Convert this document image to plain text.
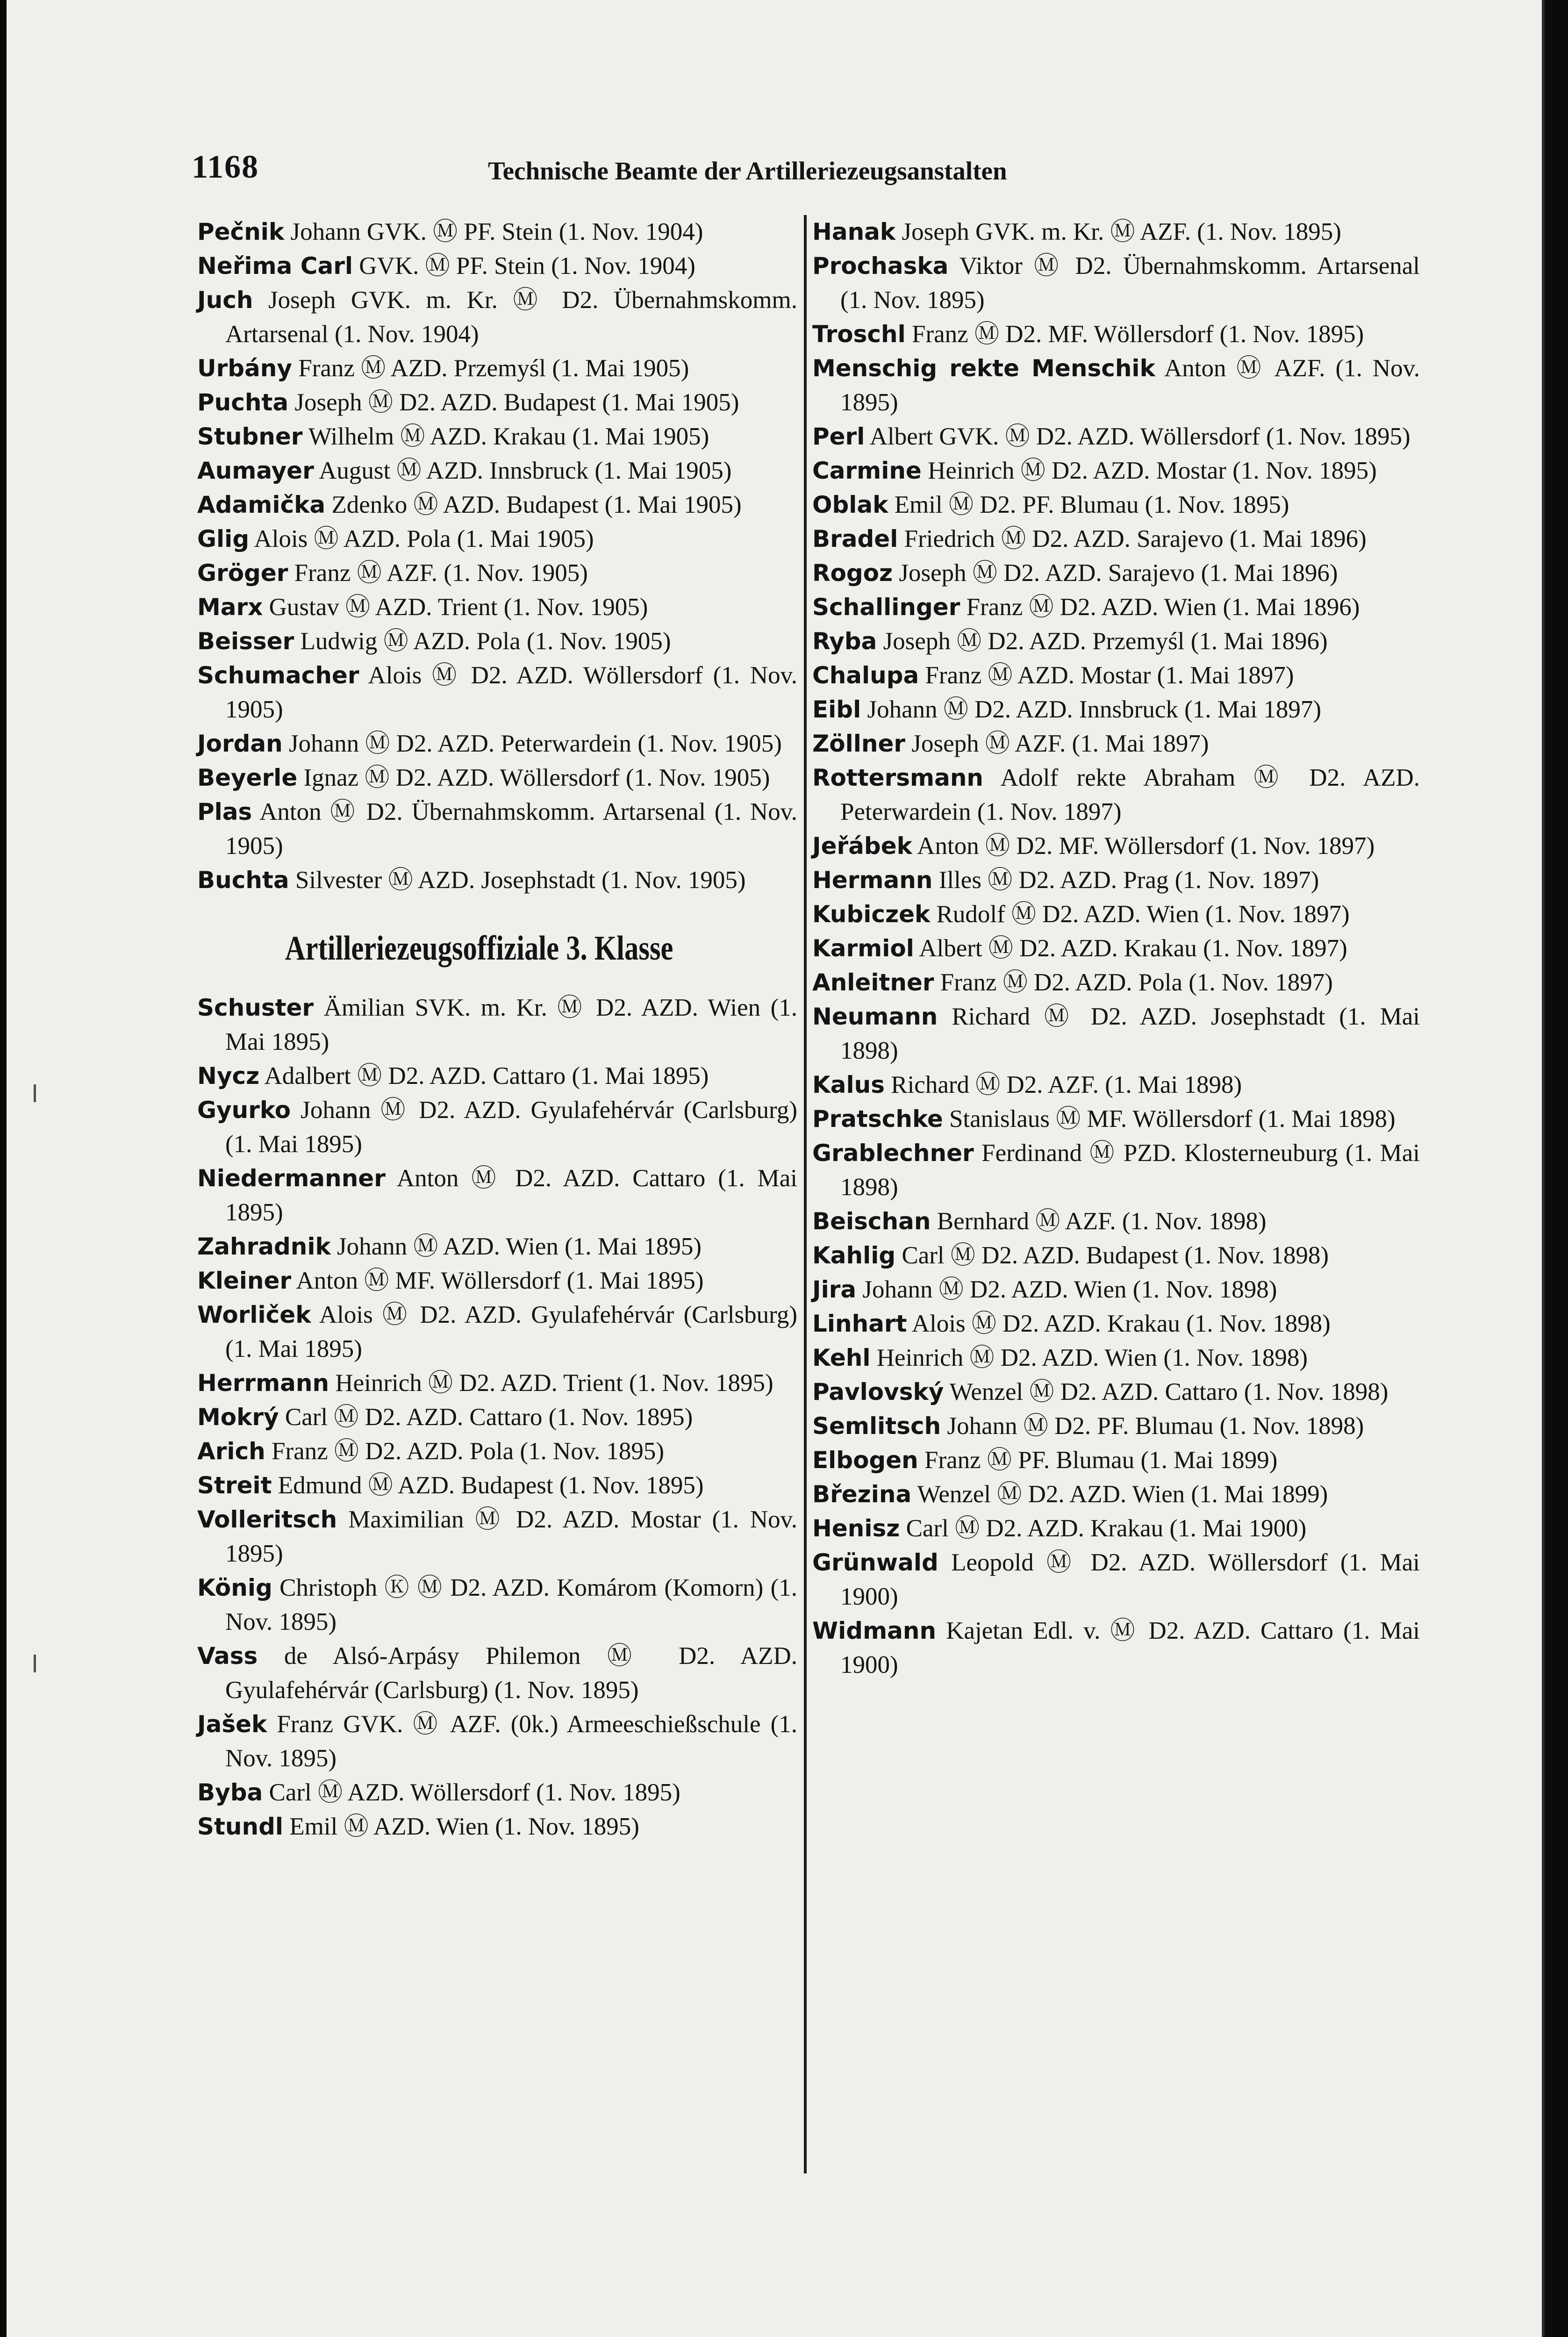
1168	Technische Beamte der Artilleriezeugsanstalten

Pečnik Johann GVK. Ⓜ PF. Stein (1. Nov. 1904)

Neřima Carl GVK. Ⓜ PF. Stein (1. Nov. 1904)

Juch Joseph GVK. m. Kr. Ⓜ D2. Übernahmskomm. Artarsenal (1. Nov. 1904)

Urbány Franz Ⓜ AZD. Przemyśl (1. Mai 1905)

Puchta Joseph Ⓜ D2. AZD. Budapest (1. Mai 1905)

Stubner Wilhelm Ⓜ AZD. Krakau (1. Mai 1905)

Aumayer August Ⓜ AZD. Innsbruck (1. Mai 1905)

Adamička Zdenko Ⓜ AZD. Budapest (1. Mai 1905)

Glig Alois Ⓜ AZD. Pola (1. Mai 1905)

Gröger Franz Ⓜ AZF. (1. Nov. 1905)

Marx Gustav Ⓜ AZD. Trient (1. Nov. 1905)

Beisser Ludwig Ⓜ AZD. Pola (1. Nov. 1905)

Schumacher Alois Ⓜ D2. AZD. Wöllersdorf (1. Nov. 1905)

Jordan Johann Ⓜ D2. AZD. Peterwardein (1. Nov. 1905)

Beyerle Ignaz Ⓜ D2. AZD. Wöllersdorf (1. Nov. 1905)

Plas Anton Ⓜ D2. Übernahmskomm. Artarsenal (1. Nov. 1905)

Buchta Silvester Ⓜ AZD. Josephstadt (1. Nov. 1905)

Artilleriezeugsoffiziale 3. Klasse

Schuster Ämilian SVK. m. Kr. Ⓜ D2. AZD. Wien (1. Mai 1895)

Nycz Adalbert Ⓜ D2. AZD. Cattaro (1. Mai 1895)

Gyurko Johann Ⓜ D2. AZD. Gyulafehérvár (Carlsburg) (1. Mai 1895)

Niedermanner Anton Ⓜ D2. AZD. Cattaro (1. Mai 1895)

Zahradnik Johann Ⓜ AZD. Wien (1. Mai 1895)

Kleiner Anton Ⓜ MF. Wöllersdorf (1. Mai 1895)

Worliček Alois Ⓜ D2. AZD. Gyulafehérvár (Carlsburg) (1. Mai 1895)

Herrmann Heinrich Ⓜ D2. AZD. Trient (1. Nov. 1895)

Mokrý Carl Ⓜ D2. AZD. Cattaro (1. Nov. 1895)

Arich Franz Ⓜ D2. AZD. Pola (1. Nov. 1895)

Streit Edmund Ⓜ AZD. Budapest (1. Nov. 1895)

Volleritsch Maximilian Ⓜ D2. AZD. Mostar (1. Nov. 1895)

König Christoph Ⓚ Ⓜ D2. AZD. Komárom (Komorn) (1. Nov. 1895)

Vass de Alsó-Arpásy Philemon Ⓜ D2. AZD. Gyulafehérvár (Carlsburg) (1. Nov. 1895)

Jašek Franz GVK. Ⓜ AZF. (0k.) Armeeschießschule (1. Nov. 1895)

Byba Carl Ⓜ AZD. Wöllersdorf (1. Nov. 1895)

Stundl Emil Ⓜ AZD. Wien (1. Nov. 1895)

Hanak Joseph GVK. m. Kr. Ⓜ AZF. (1. Nov. 1895)

Prochaska Viktor Ⓜ D2. Übernahmskomm. Artarsenal (1. Nov. 1895)

Troschl Franz Ⓜ D2. MF. Wöllersdorf (1. Nov. 1895)

Menschig rekte Menschik Anton Ⓜ AZF. (1. Nov. 1895)

Perl Albert GVK. Ⓜ D2. AZD. Wöllersdorf (1. Nov. 1895)

Carmine Heinrich Ⓜ D2. AZD. Mostar (1. Nov. 1895)

Oblak Emil Ⓜ D2. PF. Blumau (1. Nov. 1895)

Bradel Friedrich Ⓜ D2. AZD. Sarajevo (1. Mai 1896)

Rogoz Joseph Ⓜ D2. AZD. Sarajevo (1. Mai 1896)

Schallinger Franz Ⓜ D2. AZD. Wien (1. Mai 1896)

Ryba Joseph Ⓜ D2. AZD. Przemyśl (1. Mai 1896)

Chalupa Franz Ⓜ AZD. Mostar (1. Mai 1897)

Eibl Johann Ⓜ D2. AZD. Innsbruck (1. Mai 1897)

Zöllner Joseph Ⓜ AZF. (1. Mai 1897)

Rottersmann Adolf rekte Abraham Ⓜ D2. AZD. Peterwardein (1. Nov. 1897)

Jeřábek Anton Ⓜ D2. MF. Wöllersdorf (1. Nov. 1897)

Hermann Illes Ⓜ D2. AZD. Prag (1. Nov. 1897)

Kubiczek Rudolf Ⓜ D2. AZD. Wien (1. Nov. 1897)

Karmiol Albert Ⓜ D2. AZD. Krakau (1. Nov. 1897)

Anleitner Franz Ⓜ D2. AZD. Pola (1. Nov. 1897)

Neumann Richard Ⓜ D2. AZD. Josephstadt (1. Mai 1898)

Kalus Richard Ⓜ D2. AZF. (1. Mai 1898)

Pratschke Stanislaus Ⓜ MF. Wöllersdorf (1. Mai 1898)

Grablechner Ferdinand Ⓜ PZD. Klosterneuburg (1. Mai 1898)

Beischan Bernhard Ⓜ AZF. (1. Nov. 1898)

Kahlig Carl Ⓜ D2. AZD. Budapest (1. Nov. 1898)

Jira Johann Ⓜ D2. AZD. Wien (1. Nov. 1898)

Linhart Alois Ⓜ D2. AZD. Krakau (1. Nov. 1898)

Kehl Heinrich Ⓜ D2. AZD. Wien (1. Nov. 1898)

Pavlovský Wenzel Ⓜ D2. AZD. Cattaro (1. Nov. 1898)

Semlitsch Johann Ⓜ D2. PF. Blumau (1. Nov. 1898)

Elbogen Franz Ⓜ PF. Blumau (1. Mai 1899)

Březina Wenzel Ⓜ D2. AZD. Wien (1. Mai 1899)

Henisz Carl Ⓜ D2. AZD. Krakau (1. Mai 1900)

Grünwald Leopold Ⓜ D2. AZD. Wöllersdorf (1. Mai 1900)

Widmann Kajetan Edl. v. Ⓜ D2. AZD. Cattaro (1. Mai 1900)
